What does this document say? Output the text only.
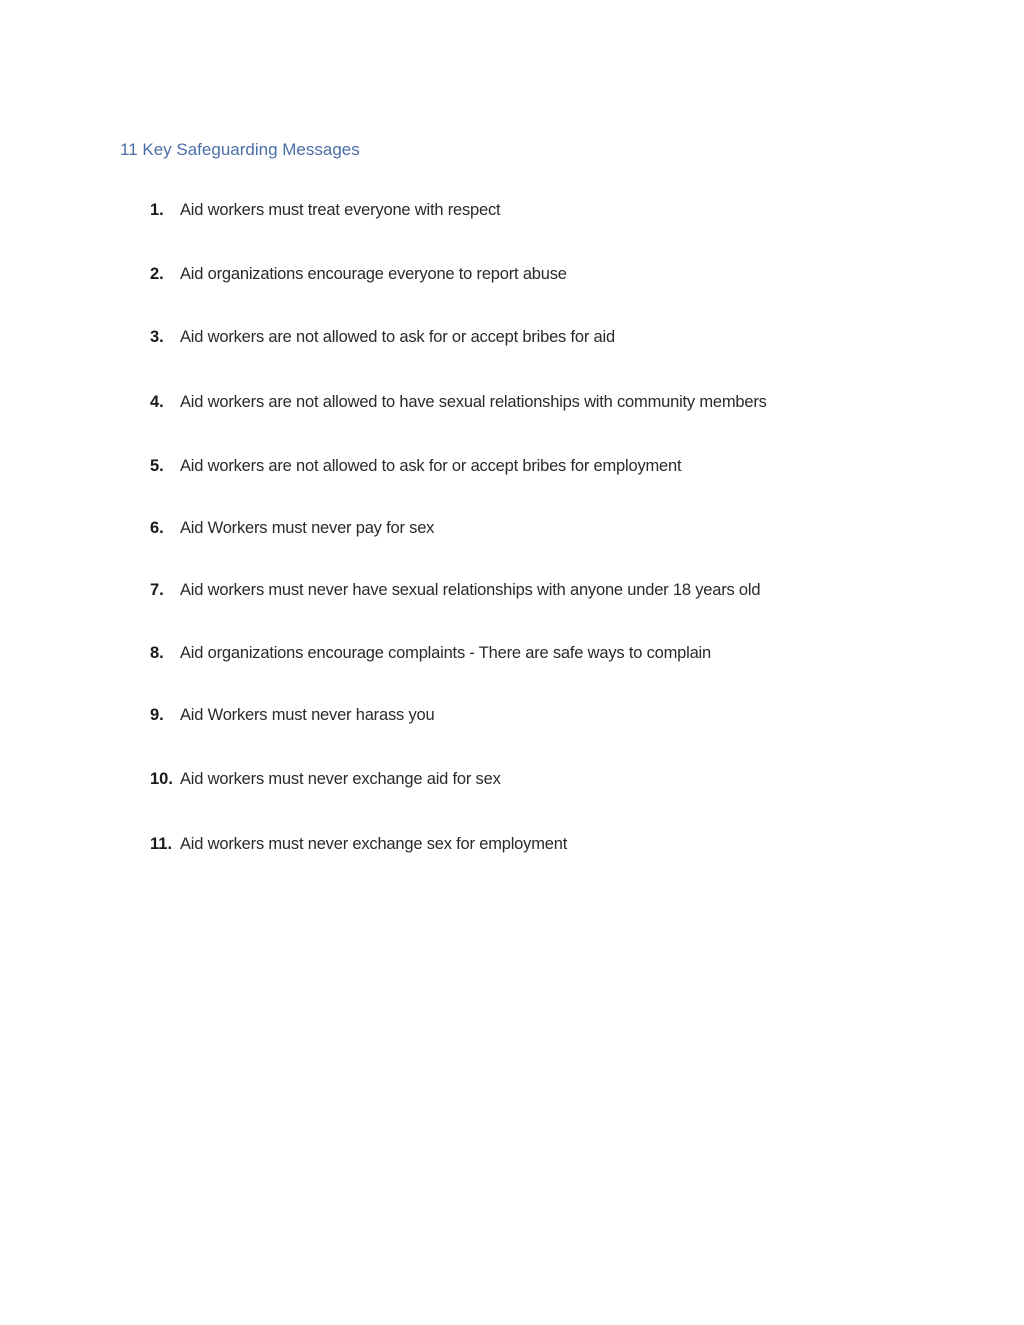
11 Key Safeguarding Messages
1. Aid workers must treat everyone with respect
2. Aid organizations encourage everyone to report abuse
3. Aid workers are not allowed to ask for or accept bribes for aid
4. Aid workers are not allowed to have sexual relationships with community members
5. Aid workers are not allowed to ask for or accept bribes for employment
6. Aid Workers must never pay for sex
7. Aid workers must never have sexual relationships with anyone under 18 years old
8. Aid organizations encourage complaints - There are safe ways to complain
9. Aid Workers must never harass you
10. Aid workers must never exchange aid for sex
11. Aid workers must never exchange sex for employment
